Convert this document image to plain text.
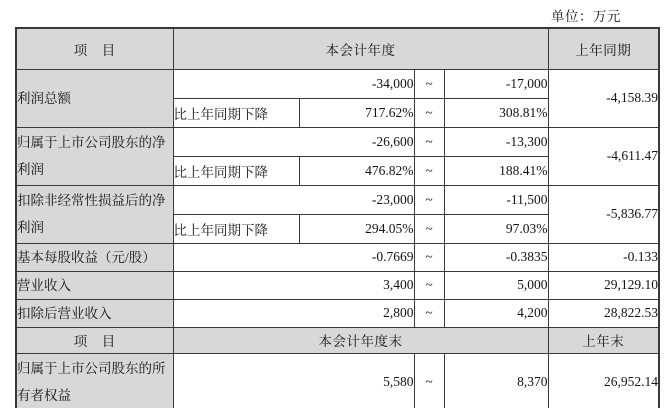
单位：万元
项　目	本会计年度				上年同期
利润总额	-34,000		~	-17,000	-4,158.39
	比上年同期下降	717.62%	~	308.81%	
归属于上市公司股东的净利润	-26,600		~	-13,300	-4,611.47
	比上年同期下降	476.82%	~	188.41%	
扣除非经常性损益后的净利润	-23,000		~	-11,500	-5,836.77
	比上年同期下降	294.05%	~	97.03%	
基本每股收益（元/股）	-0.7669		~	-0.3835	-0.133
营业收入	3,400		~	5,000	29,129.10
扣除后营业收入	2,800		~	4,200	28,822.53
项　目	本会计年度末				上年末
归属于上市公司股东的所有者权益	5,580		~	8,370	26,952.14
